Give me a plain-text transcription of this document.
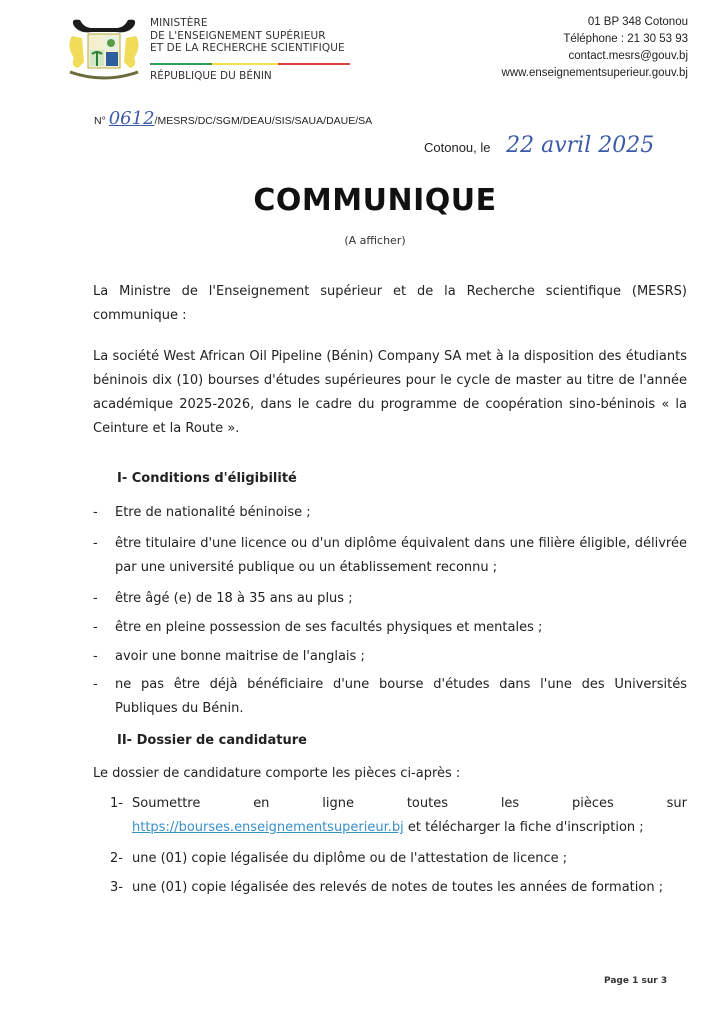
MINISTÈRE
DE L'ENSEIGNEMENT SUPÉRIEUR
ET DE LA RECHERCHE SCIENTIFIQUE
RÉPUBLIQUE DU BÉNIN
01 BP 348 Cotonou
Téléphone : 21 30 53 93
contact.mesrs@gouv.bj
www.enseignementsuperieur.gouv.bj
N° 0612/MESRS/DC/SGM/DEAU/SIS/SAUA/DAUE/SA
Cotonou, le 22 avril 2025
COMMUNIQUE
(A afficher)
La Ministre de l'Enseignement supérieur et de la Recherche scientifique (MESRS) communique :
La société West African Oil Pipeline (Bénin) Company SA met à la disposition des étudiants béninois dix (10) bourses d'études supérieures pour le cycle de master au titre de l'année académique 2025-2026, dans le cadre du programme de coopération sino-béninois « la Ceinture et la Route ».
I- Conditions d'éligibilité
-	Etre de nationalité béninoise ;
-	être titulaire d'une licence ou d'un diplôme équivalent dans une filière éligible, délivrée par une université publique ou un établissement reconnu ;
-	être âgé (e) de 18 à 35 ans au plus ;
-	être en pleine possession de ses facultés physiques et mentales ;
-	avoir une bonne maitrise de l'anglais ;
-	ne pas être déjà bénéficiaire d'une bourse d'études dans l'une des Universités Publiques du Bénin.
II- Dossier de candidature
Le dossier de candidature comporte les pièces ci-après :
1- Soumettre	en	ligne	toutes	les	pièces	sur
https://bourses.enseignementsuperieur.bj et télécharger la fiche d'inscription ;
2- une (01) copie légalisée du diplôme ou de l'attestation de licence ;
3- une (01) copie légalisée des relevés de notes de toutes les années de formation ;
Page 1 sur 3
